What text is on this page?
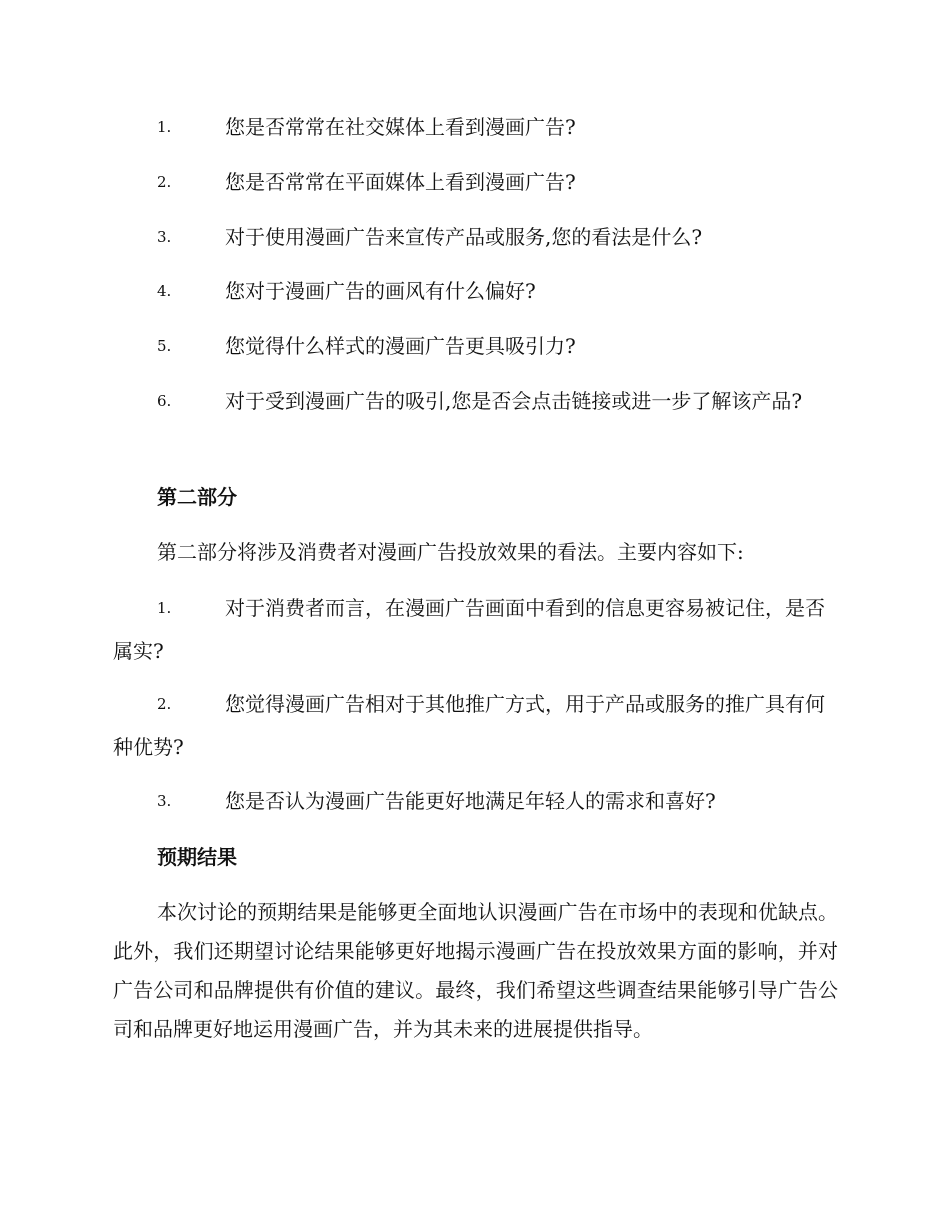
1.	您是否常常在社交媒体上看到漫画广告?
2.	您是否常常在平面媒体上看到漫画广告?
3.	对于使用漫画广告来宣传产品或服务,您的看法是什么?
4.	您对于漫画广告的画风有什么偏好?
5.	您觉得什么样式的漫画广告更具吸引力?
6.	对于受到漫画广告的吸引,您是否会点击链接或进一步了解该产品?
第二部分
第二部分将涉及消费者对漫画广告投放效果的看法。主要内容如下:
1.	对于消费者而言，在漫画广告画面中看到的信息更容易被记住，是否属实?
2.	您觉得漫画广告相对于其他推广方式，用于产品或服务的推广具有何种优势?
3.	您是否认为漫画广告能更好地满足年轻人的需求和喜好?
预期结果
本次讨论的预期结果是能够更全面地认识漫画广告在市场中的表现和优缺点。此外，我们还期望讨论结果能够更好地揭示漫画广告在投放效果方面的影响，并对广告公司和品牌提供有价值的建议。最终，我们希望这些调查结果能够引导广告公司和品牌更好地运用漫画广告，并为其未来的进展提供指导。
